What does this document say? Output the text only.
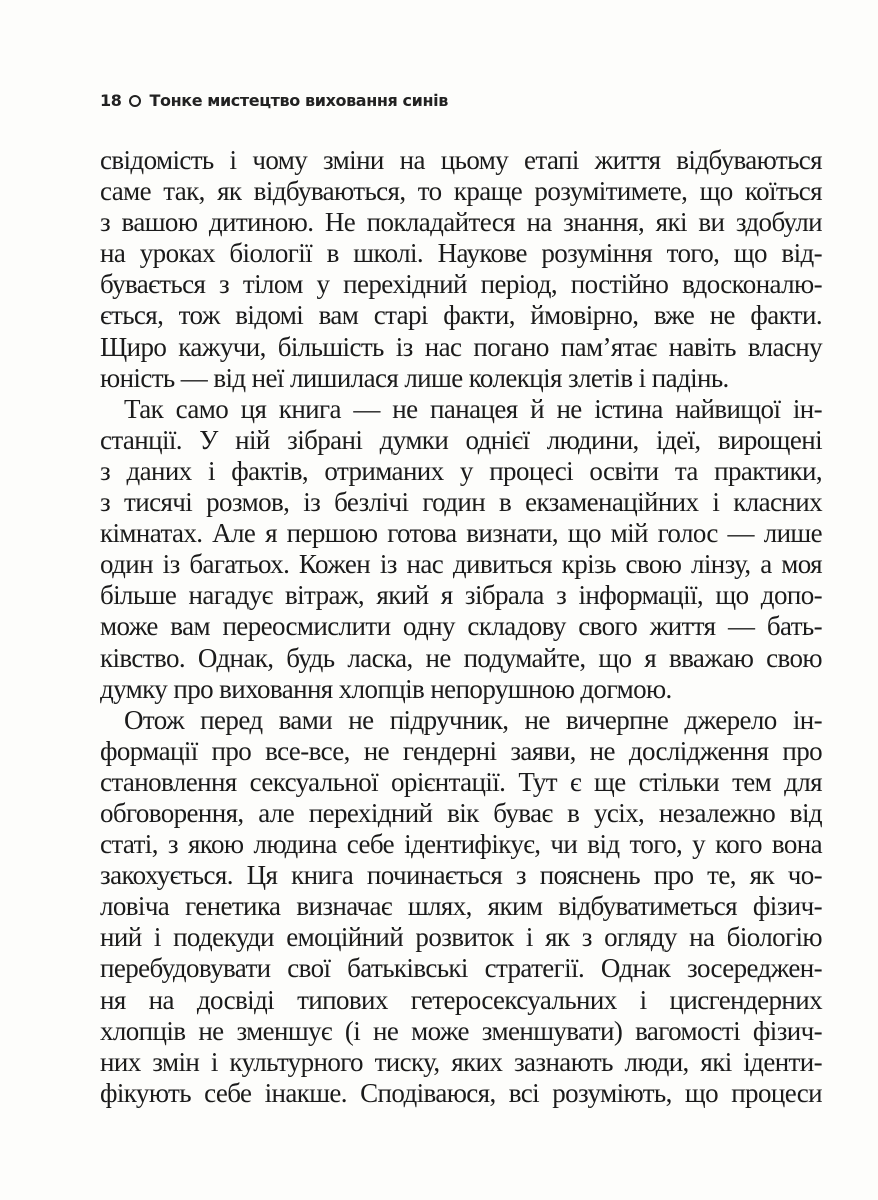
18 Тонке мистецтво виховання синів
свідомість і чому зміни на цьому етапі життя відбуваються
саме так, як відбуваються, то краще розумітимете, що коїться
з вашою дитиною. Не покладайтеся на знання, які ви здобули
на уроках біології в школі. Наукове розуміння того, що від-
бувається з тілом у перехідний період, постійно вдосконалю-
ється, тож відомі вам старі факти, ймовірно, вже не факти.
Щиро кажучи, більшість із нас погано пам’ятає навіть власну
юність — від неї лишилася лише колекція злетів і падінь.
Так само ця книга — не панацея й не істина найвищої ін-
станції. У ній зібрані думки однієї людини, ідеї, вирощені
з даних і фактів, отриманих у процесі освіти та практики,
з тисячі розмов, із безлічі годин в екзаменаційних і класних
кімнатах. Але я першою готова визнати, що мій голос — лише
один із багатьох. Кожен із нас дивиться крізь свою лінзу, а моя
більше нагадує вітраж, який я зібрала з інформації, що допо-
може вам переосмислити одну складову свого життя — бать-
ківство. Однак, будь ласка, не подумайте, що я вважаю свою
думку про виховання хлопців непорушною догмою.
Отож перед вами не підручник, не вичерпне джерело ін-
формації про все-все, не гендерні заяви, не дослідження про
становлення сексуальної орієнтації. Тут є ще стільки тем для
обговорення, але перехідний вік буває в усіх, незалежно від
статі, з якою людина себе ідентифікує, чи від того, у кого вона
закохується. Ця книга починається з пояснень про те, як чо-
ловіча генетика визначає шлях, яким відбуватиметься фізич-
ний і подекуди емоційний розвиток і як з огляду на біологію
перебудовувати свої батьківські стратегії. Однак зосереджен-
ня на досвіді типових гетеросексуальних і цисгендерних
хлопців не зменшує (і не може зменшувати) вагомості фізич-
них змін і культурного тиску, яких зазнають люди, які іденти-
фікують себе інакше. Сподіваюся, всі розуміють, що процеси
